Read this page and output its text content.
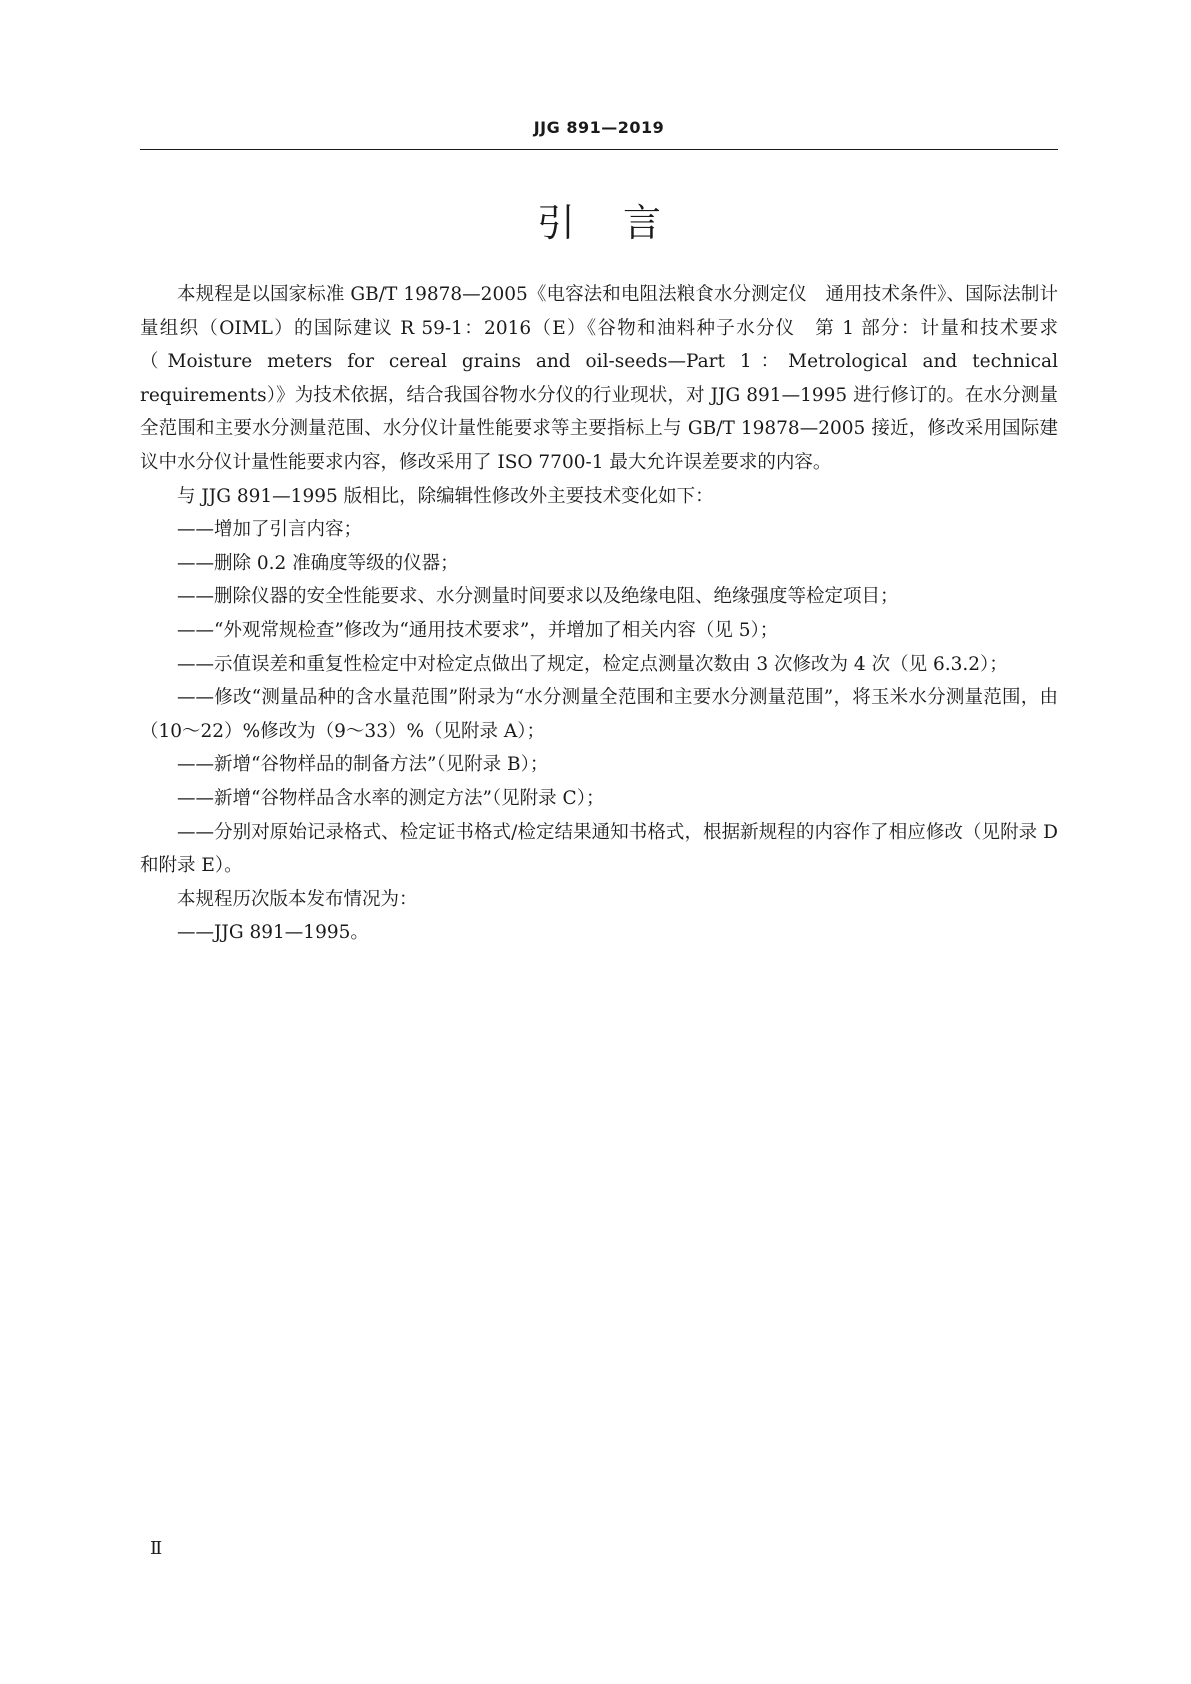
JJG 891—2019
引言

本规程是以国家标准 GB/T 19878—2005《电容法和电阻法粮食水分测定仪　通用技术条件》、国际法制计量组织（OIML）的国际建议 R 59-1：2016（E）《谷物和油料种子水分仪　第 1 部分：计量和技术要求（Moisture meters for cereal grains and oil-seeds—Part 1：Metrological and technical requirements）》为技术依据，结合我国谷物水分仪的行业现状，对 JJG 891—1995 进行修订的。在水分测量全范围和主要水分测量范围、水分仪计量性能要求等主要指标上与 GB/T 19878—2005 接近，修改采用国际建议中水分仪计量性能要求内容，修改采用了 ISO 7700-1 最大允许误差要求的内容。

与 JJG 891—1995 版相比，除编辑性修改外主要技术变化如下：

——增加了引言内容；

——删除 0.2 准确度等级的仪器；

——删除仪器的安全性能要求、水分测量时间要求以及绝缘电阻、绝缘强度等检定项目；

——“外观常规检查”修改为“通用技术要求”，并增加了相关内容（见 5）；

——示值误差和重复性检定中对检定点做出了规定，检定点测量次数由 3 次修改为 4 次（见 6.3.2）；

——修改“测量品种的含水量范围”附录为“水分测量全范围和主要水分测量范围”，将玉米水分测量范围，由（10～22）%修改为（9～33）%（见附录 A）；

——新增“谷物样品的制备方法”（见附录 B）；

——新增“谷物样品含水率的测定方法”（见附录 C）；

——分别对原始记录格式、检定证书格式/检定结果通知书格式，根据新规程的内容作了相应修改（见附录 D 和附录 E）。

本规程历次版本发布情况为：

——JJG 891—1995。

Ⅱ
